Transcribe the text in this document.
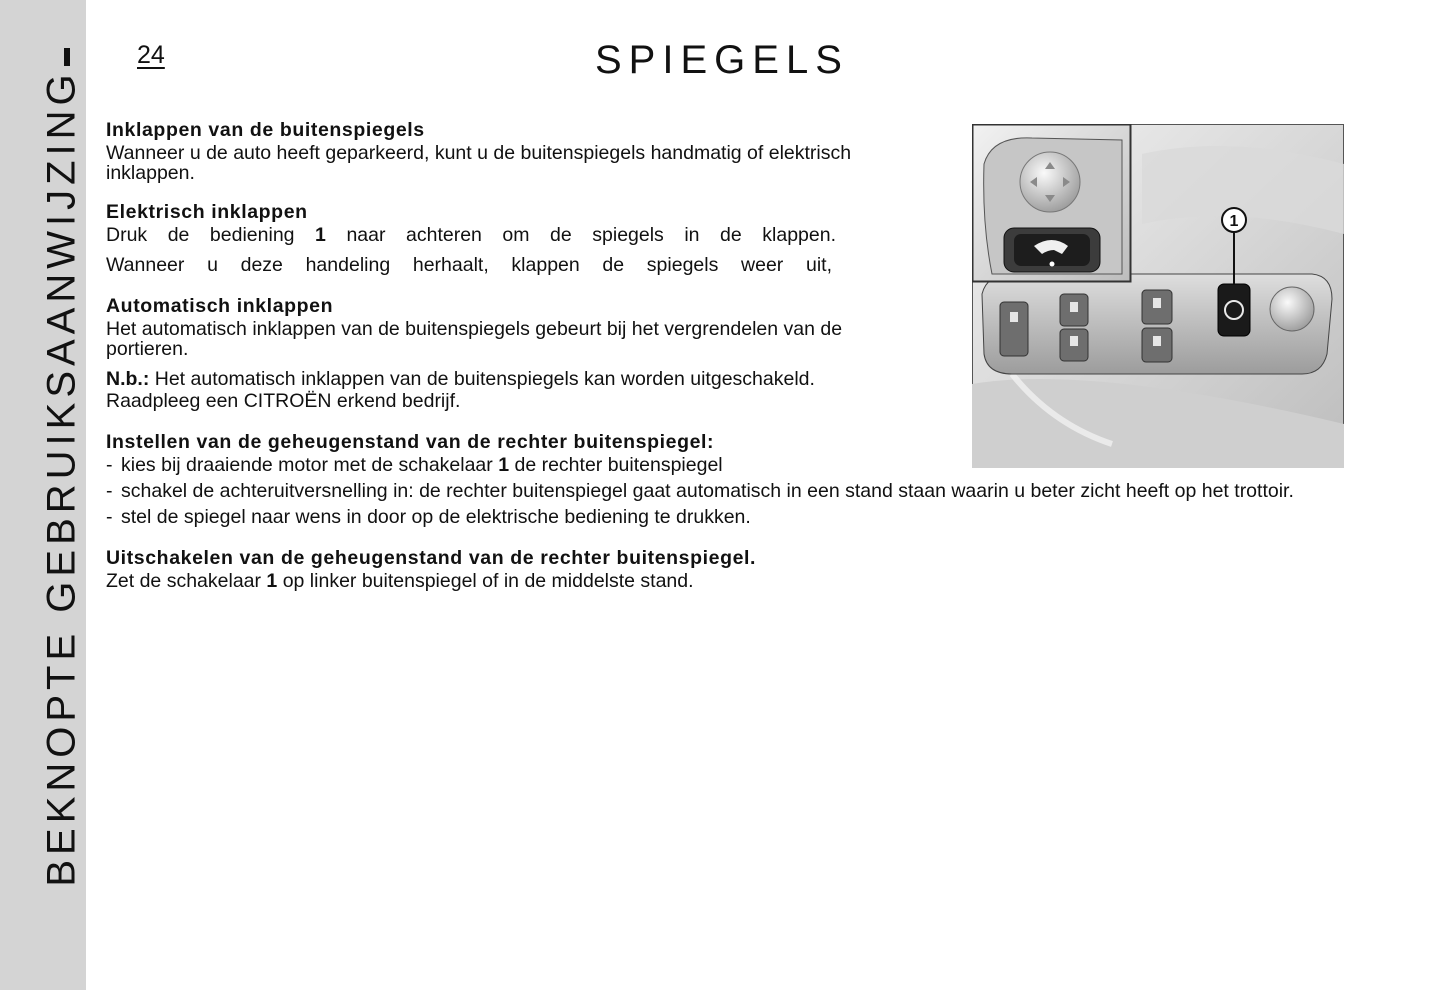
BEKNOPTE GEBRUIKSAANWIJZING
24	SPIEGELS
Inklappen van de buitenspiegels

Wanneer u de auto heeft geparkeerd, kunt u de buitenspiegels handmatig of elektrisch inklappen.

Elektrisch inklappen

Druk de bediening 1 naar achteren om de spiegels in de klappen.

Wanneer u deze handeling herhaalt, klappen de spiegels weer uit,

Automatisch inklappen

Het automatisch inklappen van de buitenspiegels gebeurt bij het vergrendelen van de portieren.

N.b.: Het automatisch inklappen van de buitenspiegels kan worden uitgeschakeld.

Raadpleeg een CITROËN erkend bedrijf.

Instellen van de geheugenstand van de rechter buitenspiegel:
- kies bij draaiende motor met de schakelaar 1 de rechter buitenspiegel
- schakel de achteruitversnelling in: de rechter buitenspiegel gaat automatisch in een stand staan waarin u beter zicht heeft op het trottoir.
- stel de spiegel naar wens in door op de elektrische bediening te drukken.
Uitschakelen van de geheugenstand van de rechter buitenspiegel.

Zet de schakelaar 1 op linker buitenspiegel of in de middelste stand.

1
